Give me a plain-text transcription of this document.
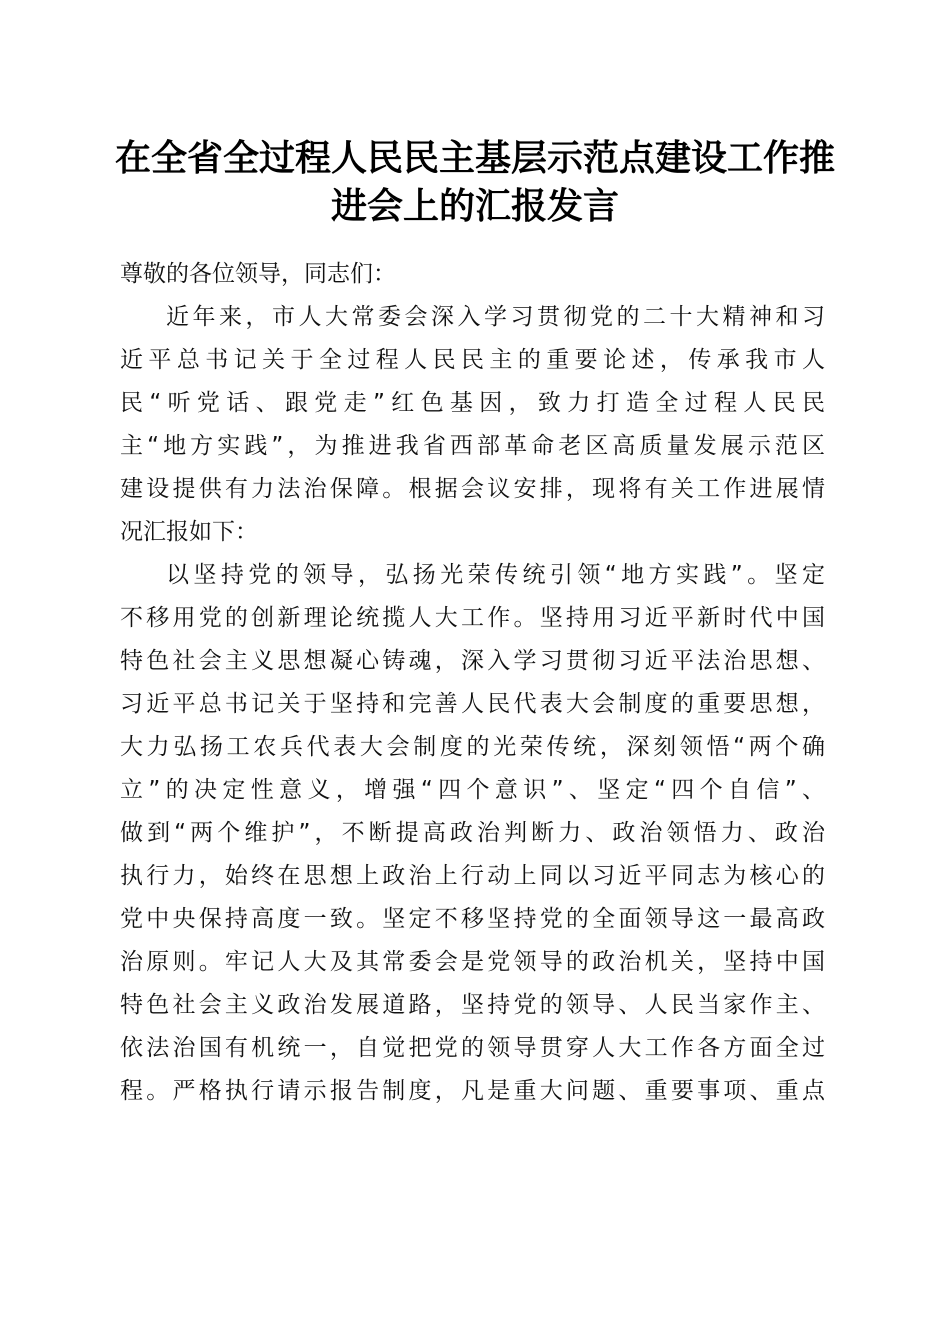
在全省全过程人民民主基层示范点建设工作推
进会上的汇报发言

尊敬的各位领导，同志们：

近年来，市人大常委会深入学习贯彻党的二十大精神和习
近平总书记关于全过程人民民主的重要论述，传承我市人
民“听党话、跟党走”红色基因，致力打造全过程人民民
主“地方实践”，为推进我省西部革命老区高质量发展示范区
建设提供有力法治保障。根据会议安排，现将有关工作进展情
况汇报如下：

以坚持党的领导，弘扬光荣传统引领“地方实践”。坚定
不移用党的创新理论统揽人大工作。坚持用习近平新时代中国
特色社会主义思想凝心铸魂，深入学习贯彻习近平法治思想、
习近平总书记关于坚持和完善人民代表大会制度的重要思想，
大力弘扬工农兵代表大会制度的光荣传统，深刻领悟“两个确
立”的决定性意义，增强“四个意识”、坚定“四个自信”、
做到“两个维护”，不断提高政治判断力、政治领悟力、政治
执行力，始终在思想上政治上行动上同以习近平同志为核心的
党中央保持高度一致。坚定不移坚持党的全面领导这一最高政
治原则。牢记人大及其常委会是党领导的政治机关，坚持中国
特色社会主义政治发展道路，坚持党的领导、人民当家作主、
依法治国有机统一，自觉把党的领导贯穿人大工作各方面全过
程。严格执行请示报告制度，凡是重大问题、重要事项、重点
